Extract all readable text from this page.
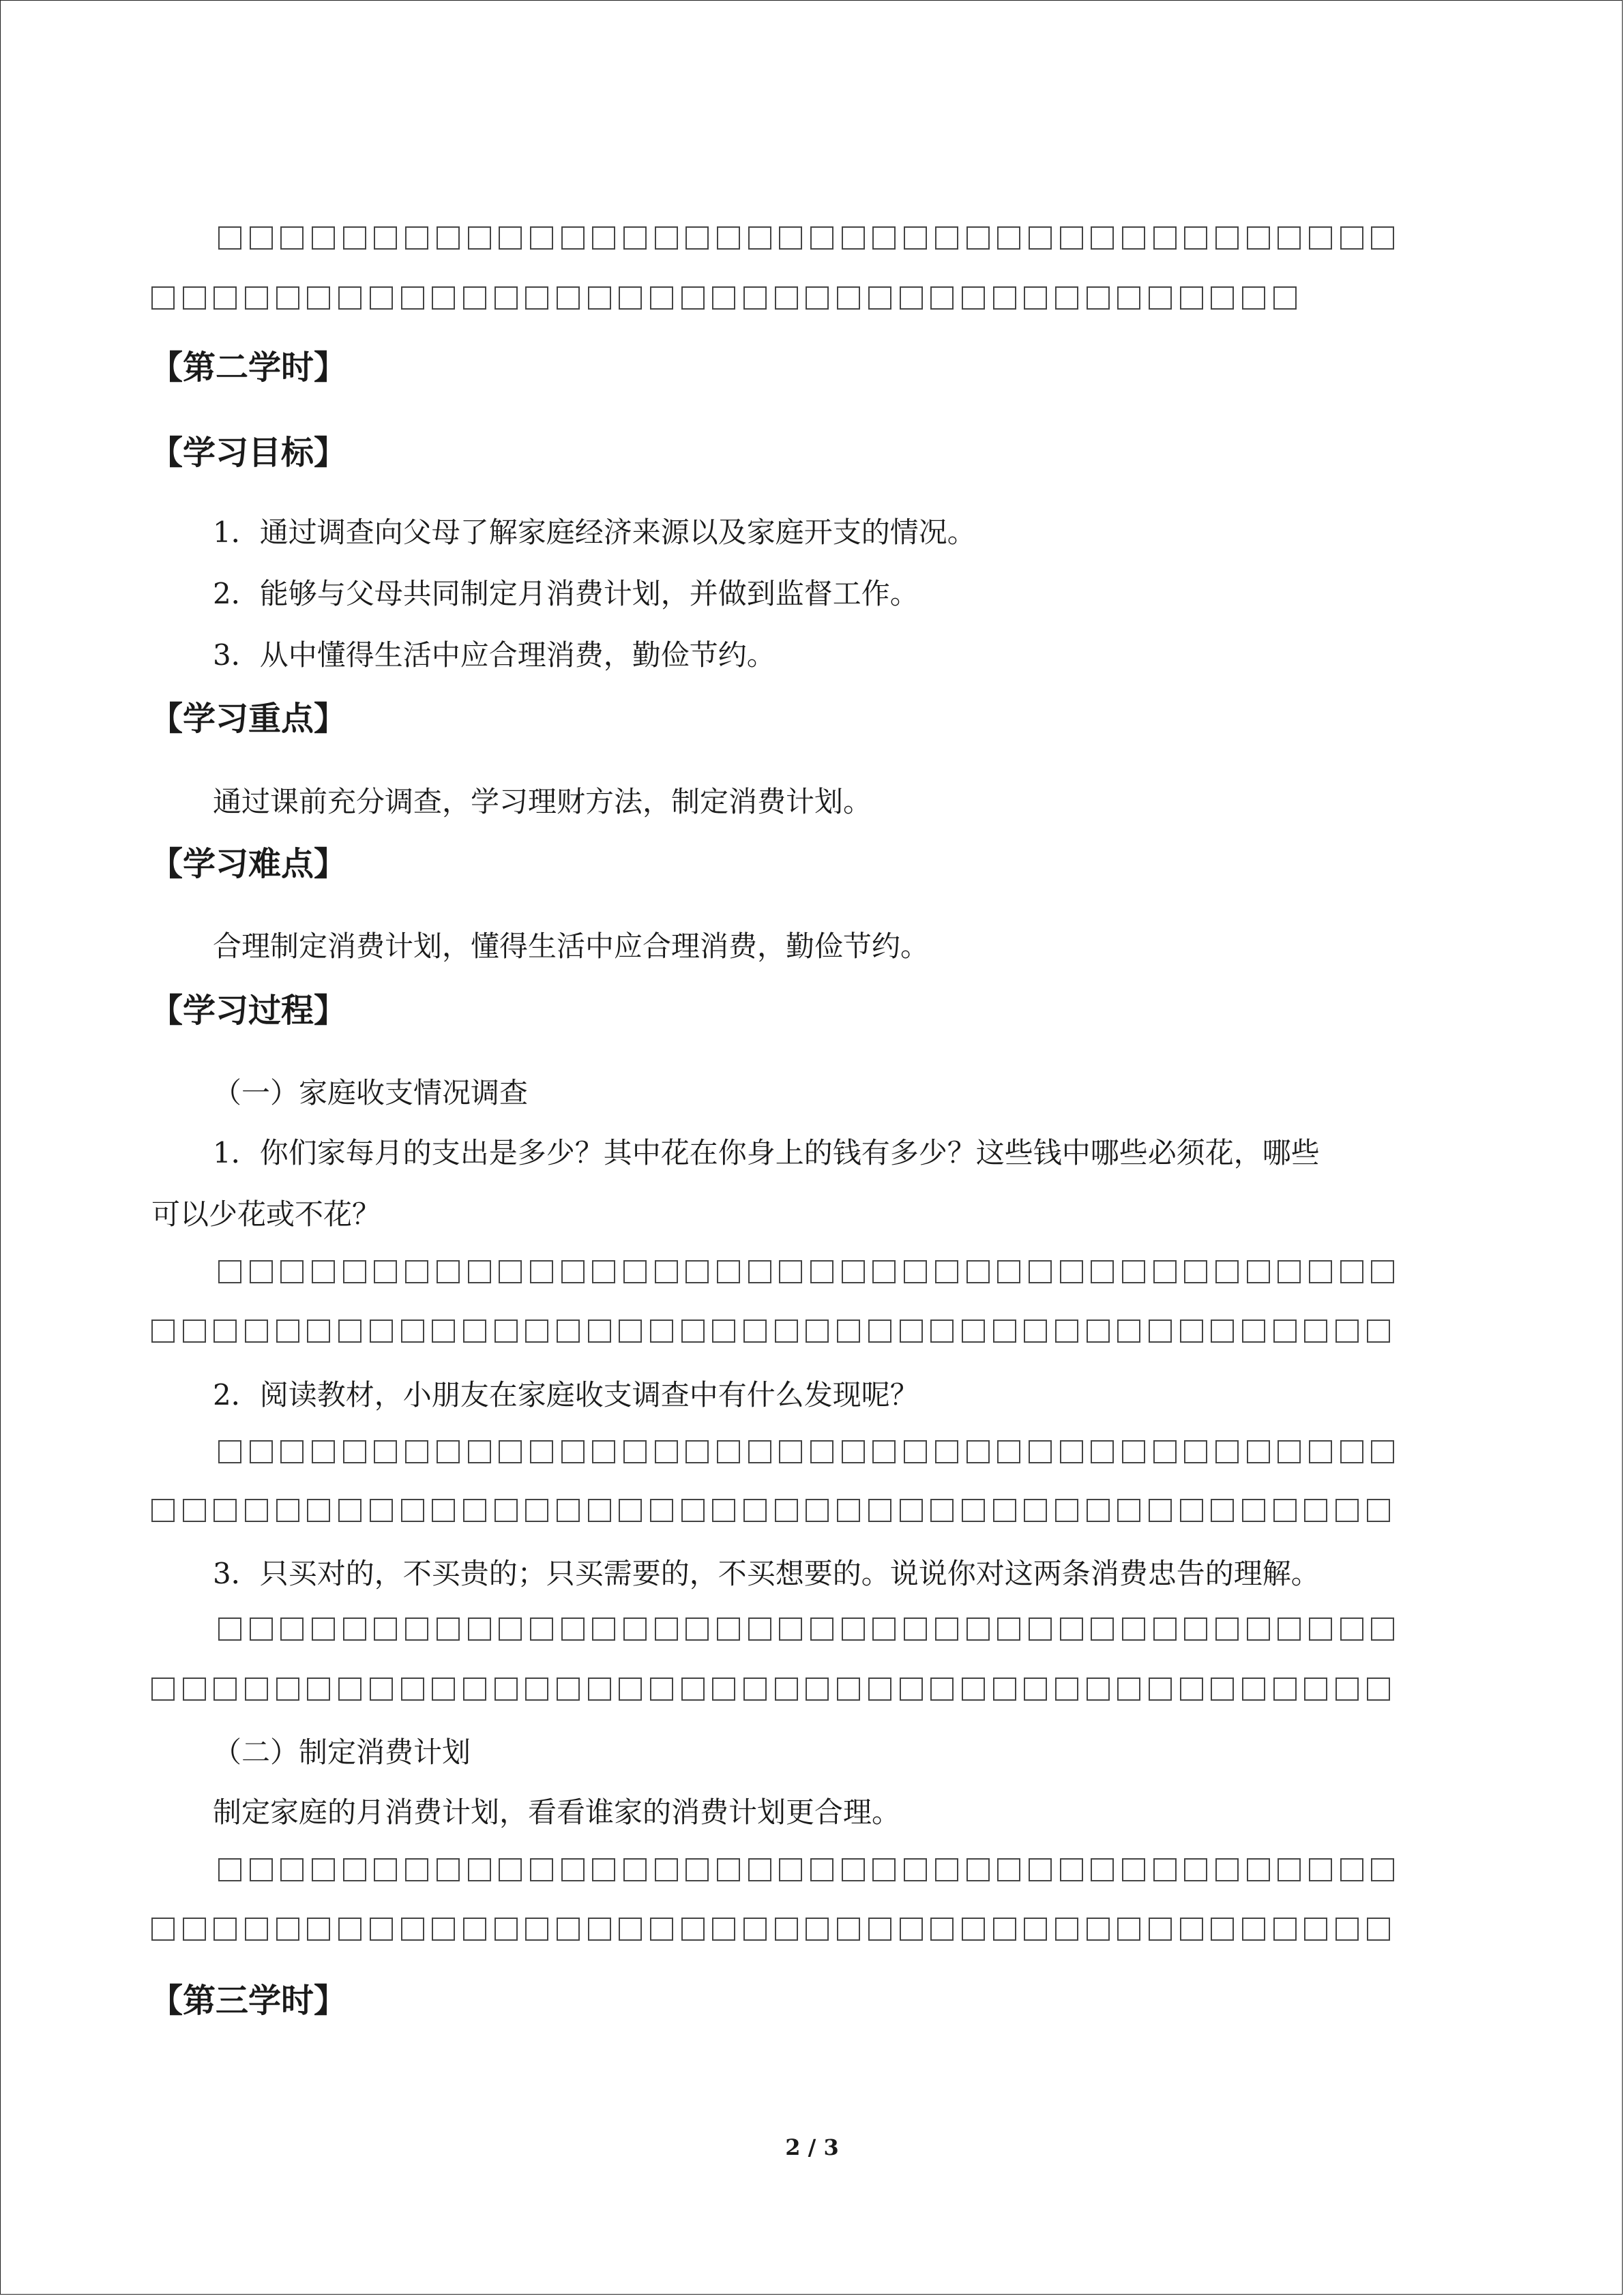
【第二学时】

【学习目标】

1．通过调查向父母了解家庭经济来源以及家庭开支的情况。

2．能够与父母共同制定月消费计划，并做到监督工作。

3．从中懂得生活中应合理消费，勤俭节约。

【学习重点】

通过课前充分调查，学习理财方法，制定消费计划。

【学习难点】

合理制定消费计划，懂得生活中应合理消费，勤俭节约。

【学习过程】

（一）家庭收支情况调查

1．你们家每月的支出是多少？其中花在你身上的钱有多少？这些钱中哪些必须花，哪些

可以少花或不花？

2．阅读教材，小朋友在家庭收支调查中有什么发现呢？

3．只买对的，不买贵的；只买需要的，不买想要的。说说你对这两条消费忠告的理解。

（二）制定消费计划

制定家庭的月消费计划，看看谁家的消费计划更合理。

【第三学时】

2 / 3
